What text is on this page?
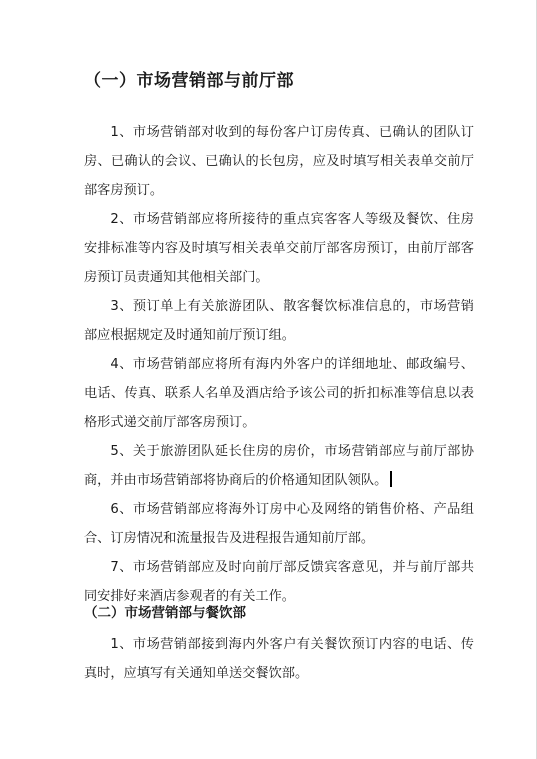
（一）市场营销部与前厅部

1、市场营销部对收到的每份客户订房传真、已确认的团队订房、已确认的会议、已确认的长包房，应及时填写相关表单交前厅部客房预订。

2、市场营销部应将所接待的重点宾客客人等级及餐饮、住房安排标准等内容及时填写相关表单交前厅部客房预订，由前厅部客房预订员责通知其他相关部门。

3、预订单上有关旅游团队、散客餐饮标准信息的，市场营销部应根据规定及时通知前厅预订组。

4、市场营销部应将所有海内外客户的详细地址、邮政编号、电话、传真、联系人名单及酒店给予该公司的折扣标准等信息以表格形式递交前厅部客房预订。

5、关于旅游团队延长住房的房价，市场营销部应与前厅部协商，并由市场营销部将协商后的价格通知团队领队。

6、市场营销部应将海外订房中心及网络的销售价格、产品组合、订房情况和流量报告及进程报告通知前厅部。

7、市场营销部应及时向前厅部反馈宾客意见，并与前厅部共同安排好来酒店参观者的有关工作。

（二）市场营销部与餐饮部

1、市场营销部接到海内外客户有关餐饮预订内容的电话、传真时，应填写有关通知单送交餐饮部。
